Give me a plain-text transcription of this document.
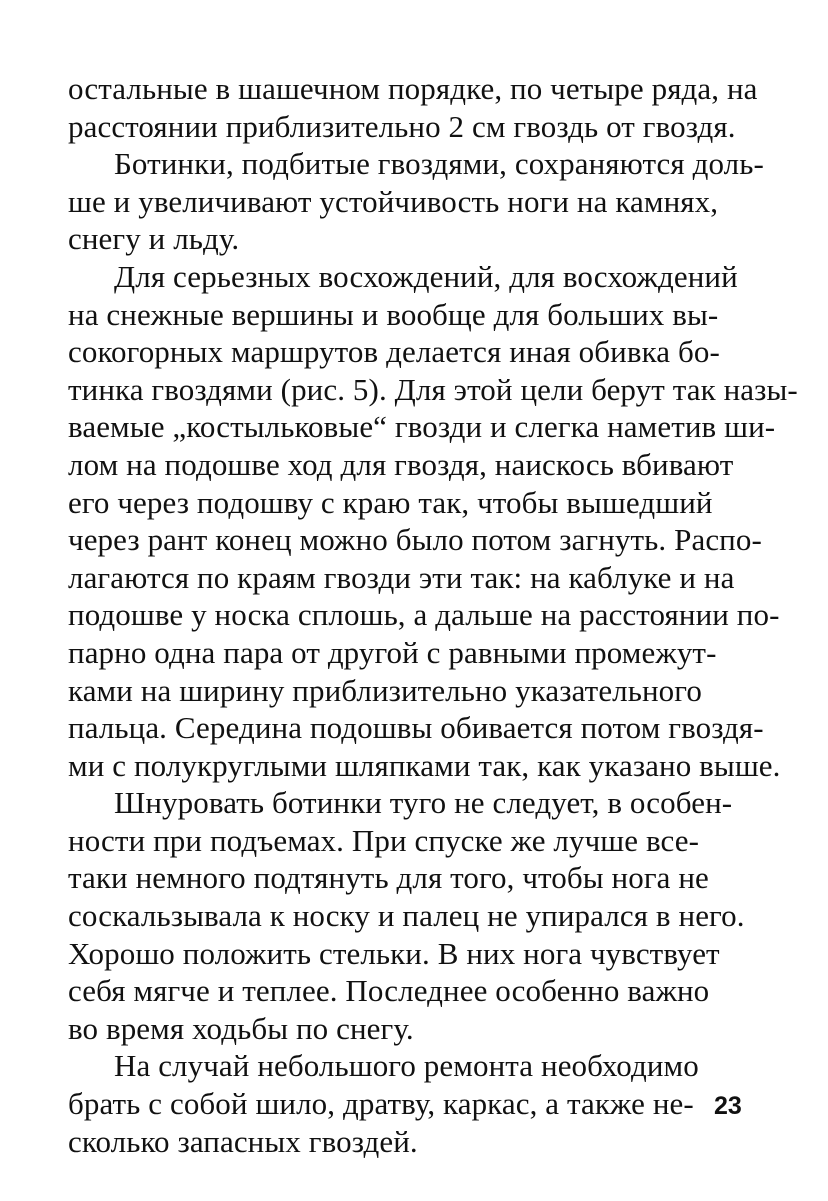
остальные в шашечном порядке, по четыре ряда, на
расстоянии приблизительно 2 см гвоздь от гвоздя.
Ботинки, подбитые гвоздями, сохраняются доль-
ше и увеличивают устойчивость ноги на камнях,
снегу и льду.
Для серьезных восхождений, для восхождений
на снежные вершины и вообще для больших вы-
сокогорных маршрутов делается иная обивка бо-
тинка гвоздями (рис. 5). Для этой цели берут так назы-
ваемые „костыльковые“ гвозди и слегка наметив ши-
лом на подошве ход для гвоздя, наискось вбивают
его через подошву с краю так, чтобы вышедший
через рант конец можно было потом загнуть. Распо-
лагаются по краям гвозди эти так: на каблуке и на
подошве у носка сплошь, а дальше на расстоянии по-
парно одна пара от другой с равными промежут-
ками на ширину приблизительно указательного
пальца. Середина подошвы обивается потом гвоздя-
ми с полукруглыми шляпками так, как указано выше.
Шнуровать ботинки туго не следует, в особен-
ности при подъемах. При спуске же лучше все-
таки немного подтянуть для того, чтобы нога не
соскальзывала к носку и палец не упирался в него.
Хорошо положить стельки. В них нога чувствует
себя мягче и теплее. Последнее особенно важно
во время ходьбы по снегу.
На случай небольшого ремонта необходимо
брать с собой шило, дратву, каркас, а также не-
сколько запасных гвоздей.
23
